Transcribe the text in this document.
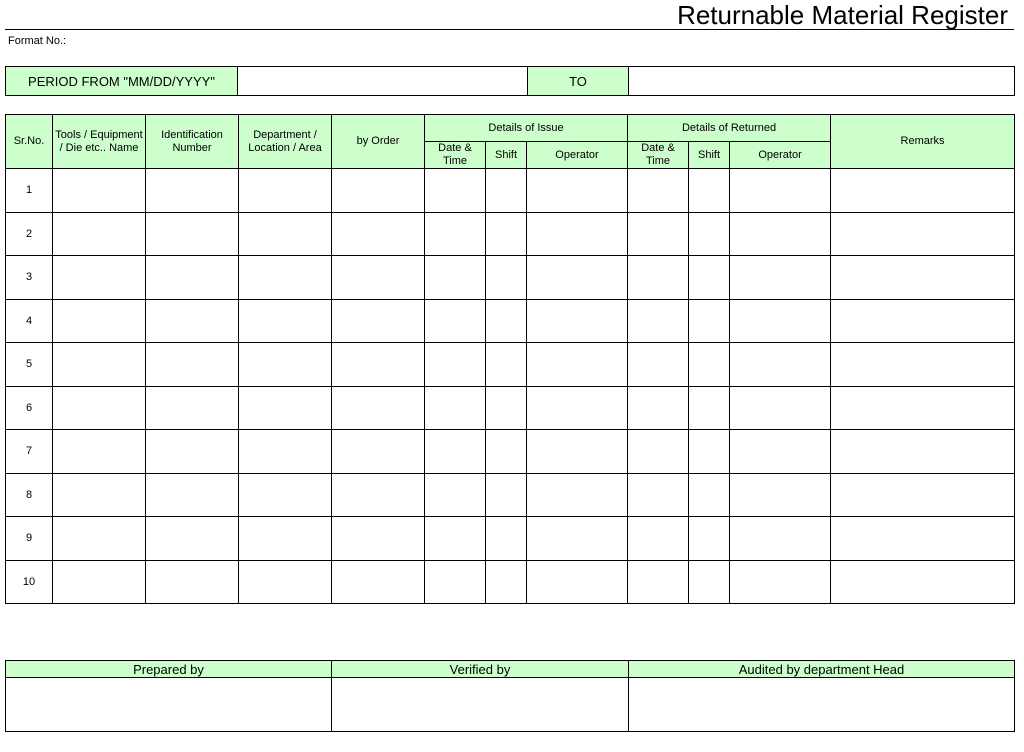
Returnable Material Register
Format No.:
PERIOD FROM "MM/DD/YYYY"		TO	
Sr.No.	Tools / Equipment / Die etc.. Name	Identification Number	Department / Location / Area	by Order	Details of Issue			Details of Returned			Remarks
					Date & Time	Shift	Operator	Date & Time	Shift	Operator	
1											
2											
3											
4											
5											
6											
7											
8											
9											
10											
Prepared by	Verified by	Audited by department Head
